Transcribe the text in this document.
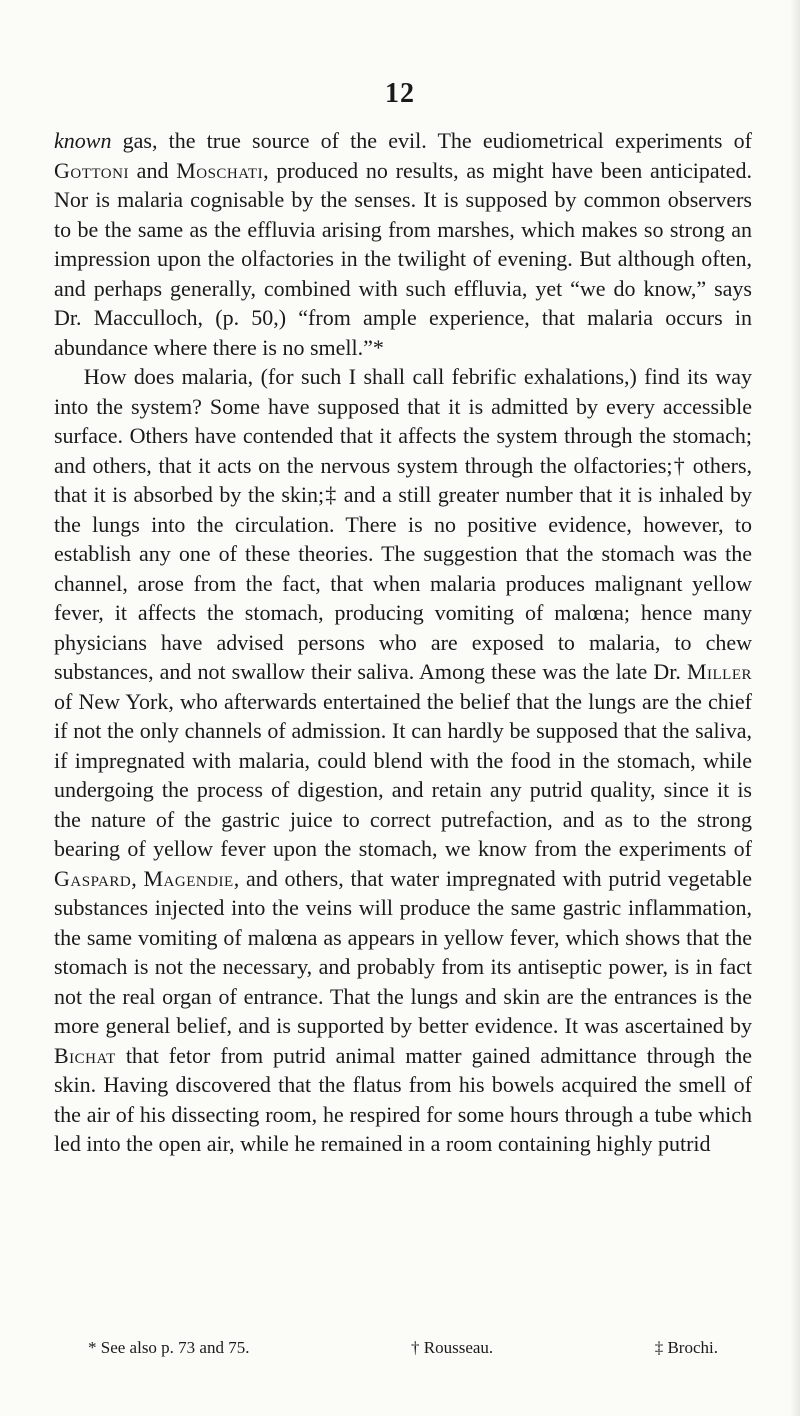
12

known gas, the true source of the evil. The eudiometrical experiments of Gottoni and Moschati, produced no results, as might have been anticipated. Nor is malaria cognisable by the senses. It is supposed by common observers to be the same as the effluvia arising from marshes, which makes so strong an impression upon the olfactories in the twilight of evening. But although often, and perhaps generally, combined with such effluvia, yet “we do know,” says Dr. Macculloch, (p. 50,) “from ample experience, that malaria occurs in abundance where there is no smell.”*

How does malaria, (for such I shall call febrific exhalations,) find its way into the system? Some have supposed that it is admitted by every accessible surface. Others have contended that it affects the system through the stomach; and others, that it acts on the nervous system through the olfactories;† others, that it is absorbed by the skin;‡ and a still greater number that it is inhaled by the lungs into the circulation. There is no positive evidence, however, to establish any one of these theories. The suggestion that the stomach was the channel, arose from the fact, that when malaria produces malignant yellow fever, it affects the stomach, producing vomiting of malœna; hence many physicians have advised persons who are exposed to malaria, to chew substances, and not swallow their saliva. Among these was the late Dr. Miller of New York, who afterwards entertained the belief that the lungs are the chief if not the only channels of admission. It can hardly be supposed that the saliva, if impregnated with malaria, could blend with the food in the stomach, while undergoing the process of digestion, and retain any putrid quality, since it is the nature of the gastric juice to correct putrefaction, and as to the strong bearing of yellow fever upon the stomach, we know from the experiments of Gaspard, Magendie, and others, that water impregnated with putrid vegetable substances injected into the veins will produce the same gastric inflammation, the same vomiting of malœna as appears in yellow fever, which shows that the stomach is not the necessary, and probably from its antiseptic power, is in fact not the real organ of entrance. That the lungs and skin are the entrances is the more general belief, and is supported by better evidence. It was ascertained by Bichat that fetor from putrid animal matter gained admittance through the skin. Having discovered that the flatus from his bowels acquired the smell of the air of his dissecting room, he respired for some hours through a tube which led into the open air, while he remained in a room containing highly putrid

* See also p. 73 and 75.	† Rousseau.	‡ Brochi.
